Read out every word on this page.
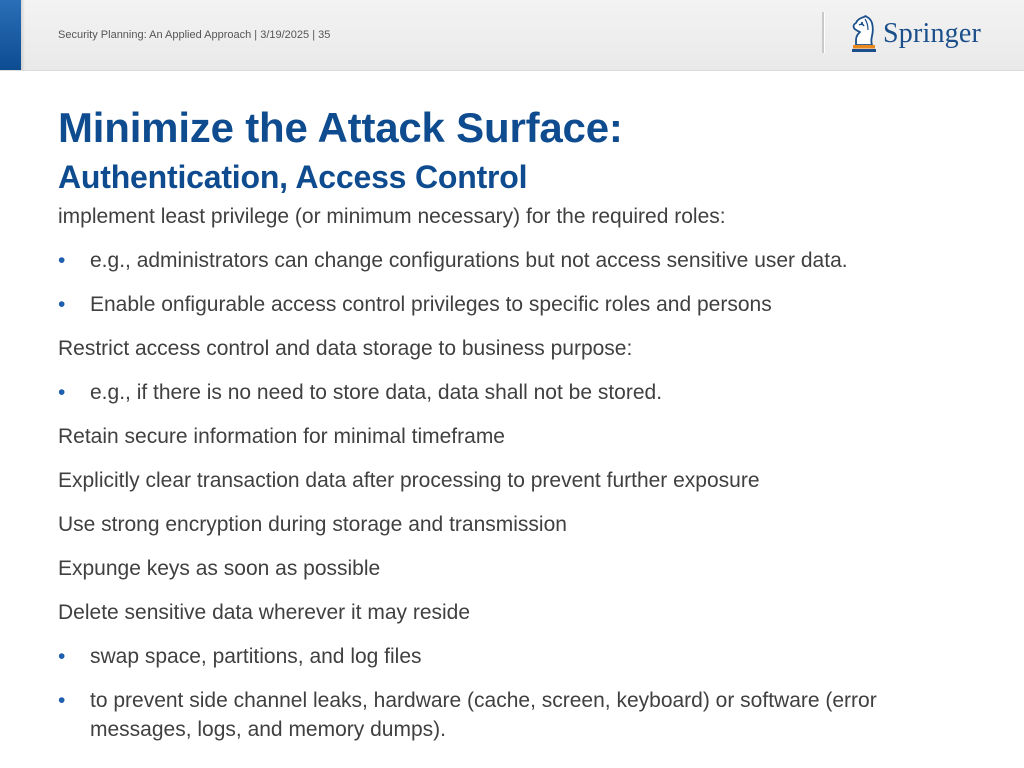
Security Planning: An Applied Approach | 3/19/2025 | 35	Springer
Minimize the Attack Surface:
Authentication, Access Control
implement least privilege (or minimum necessary) for the required roles:
• e.g., administrators can change configurations but not access sensitive user data.
• Enable onfigurable access control privileges to specific roles and persons
Restrict access control and data storage to business purpose:
• e.g., if there is no need to store data, data shall not be stored.
Retain secure information for minimal timeframe
Explicitly clear transaction data after processing to prevent further exposure
Use strong encryption during storage and transmission
Expunge keys as soon as possible
Delete sensitive data wherever it may reside
• swap space, partitions, and log files
• to prevent side channel leaks, hardware (cache, screen, keyboard) or software (error messages, logs, and memory dumps).
